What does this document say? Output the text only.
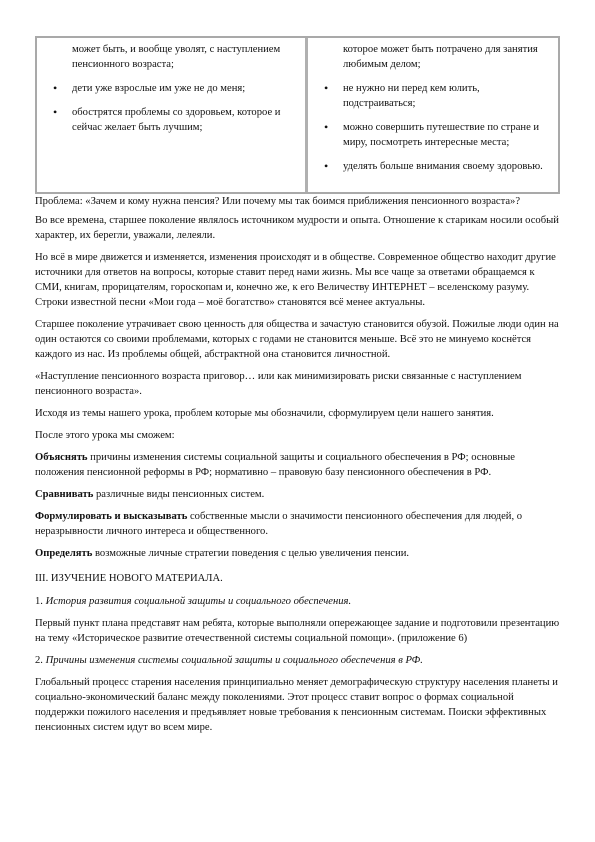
может быть, и вообще уволят, с наступлением пенсионного возраста;
• дети уже взрослые им уже не до меня;
• обострятся проблемы со здоровьем, которое и сейчас желает быть лучшим;
которое может быть потрачено для занятия любимым делом;
• не нужно ни перед кем юлить, подстраиваться;
• можно совершить путешествие по стране и миру, посмотреть интересные места;
• уделять больше внимания своему здоровью.

Проблема: «Зачем и кому нужна пенсия? Или почему мы так боимся приближения пенсионного возраста»?

Во все времена, старшее поколение являлось источником мудрости и опыта. Отношение к старикам носили особый характер, их берегли, уважали, лелеяли.

Но всё в мире движется и изменяется, изменения происходят и в обществе. Современное общество находит другие источники для ответов на вопросы, которые ставит перед нами жизнь. Мы все чаще за ответами обращаемся к СМИ, книгам, прорицателям, гороскопам и, конечно же, к его Величеству ИНТЕРНЕТ – вселенскому разуму. Строки известной песни «Мои года – моё богатство» становятся всё менее актуальны.

Старшее поколение утрачивает свою ценность для общества и зачастую становится обузой. Пожилые люди один на один остаются со своими проблемами, которых с годами не становится меньше. Всё это не минуемо коснётся каждого из нас. Из проблемы общей, абстрактной она становится личностной.

«Наступление пенсионного возраста приговор… или как минимизировать риски связанные с наступлением пенсионного возраста».

Исходя из темы нашего урока, проблем которые мы обозначили, сформулируем цели нашего занятия.

После этого урока мы сможем:

Объяснять причины изменения системы социальной защиты и социального обеспечения в РФ; основные положения пенсионной реформы в РФ; нормативно – правовую базу пенсионного обеспечения в РФ.

Сравнивать различные виды пенсионных систем.

Формулировать и высказывать собственные мысли о значимости пенсионного обеспечения для людей, о неразрывности личного интереса и общественного.

Определять возможные личные стратегии поведения с целью увеличения пенсии.

III. ИЗУЧЕНИЕ НОВОГО МАТЕРИАЛА.

1. История развития социальной защиты и социального обеспечения.

Первый пункт плана представят нам ребята, которые выполняли опережающее задание и подготовили презентацию на тему «Историческое развитие отечественной системы социальной помощи». (приложение 6)

2. Причины изменения системы социальной защиты и социального обеспечения в РФ.

Глобальный процесс старения населения принципиально меняет демографическую структуру населения планеты и социально-экономический баланс между поколениями. Этот процесс ставит вопрос о формах социальной поддержки пожилого населения и предъявляет новые требования к пенсионным системам. Поиски эффективных пенсионных систем идут во всем мире.
